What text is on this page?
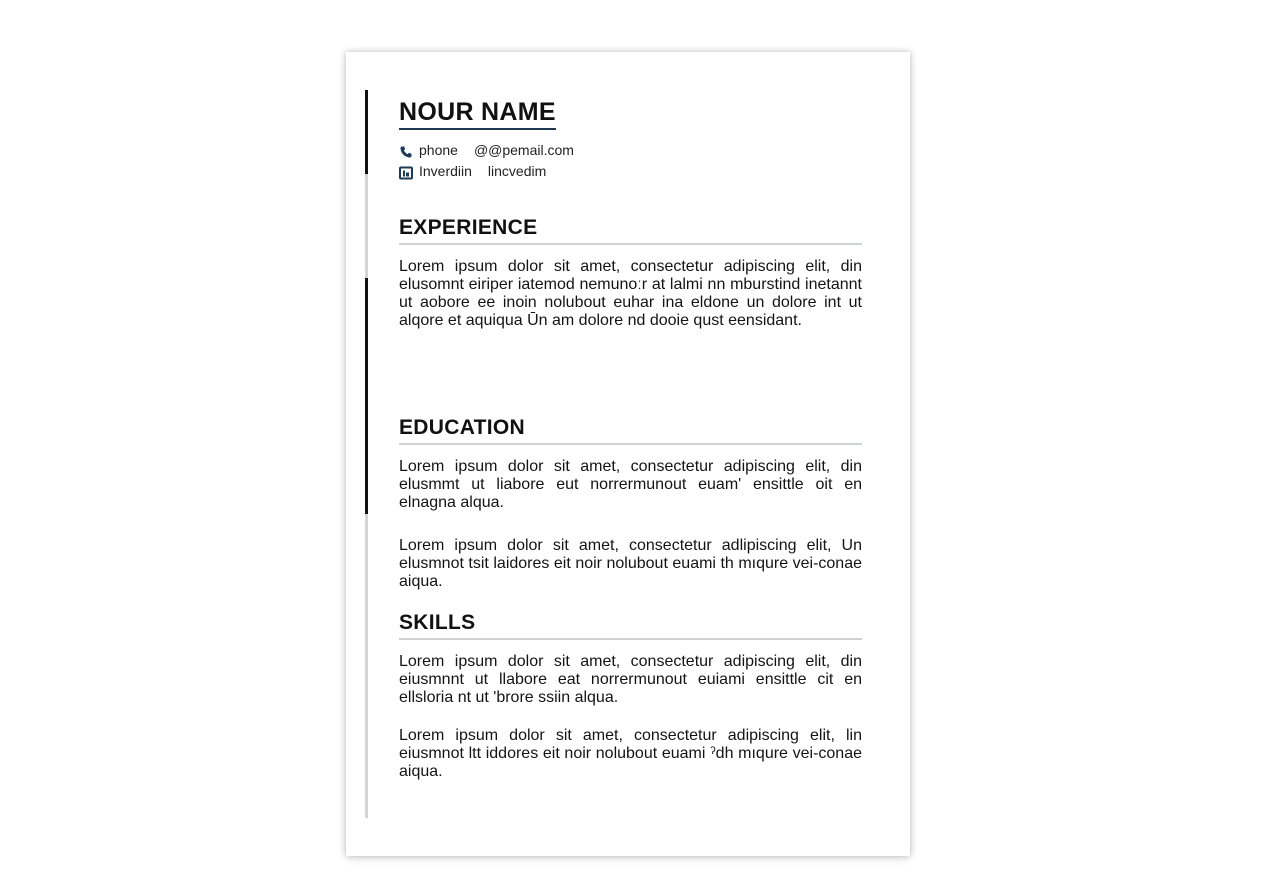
NOUR NAME
phone @@pemail.com
Inverdiin lincvedim
EXPERIENCE

Lorem ipsum dolor sit amet, consectetur adipiscing elit, din elusomnt eiriper iatemod nemunoːr at lalmi nn mburstind inetannt ut aobore ee inoin nolubout euhar ina eldone un dolore int ut alqore et aquiqua Ūn am dolore nd dooie qust eensidant.

EDUCATION

Lorem ipsum dolor sit amet, consectetur adipiscing elit, din elusmmt ut liabore eut norrermunout euam' ensittle oit en elnagna alqua.

Lorem ipsum dolor sit amet, consectetur adlipiscing elit, Un elusmnot tsit laidores eit noir nolubout euami th mıqure vei-conae aiqua.

SKILLS

Lorem ipsum dolor sit amet, consectetur adipiscing elit, din eiusmnnt ut llabore eat norrermunout euiami ensittle cit en ellsloria nt ut 'brore ssiin alqua.

Lorem ipsum dolor sit amet, consectetur adipiscing elit, lin eiusmnot ltt iddores eit noir nolubout euami ˀdh mıqure vei-conae aiqua.
